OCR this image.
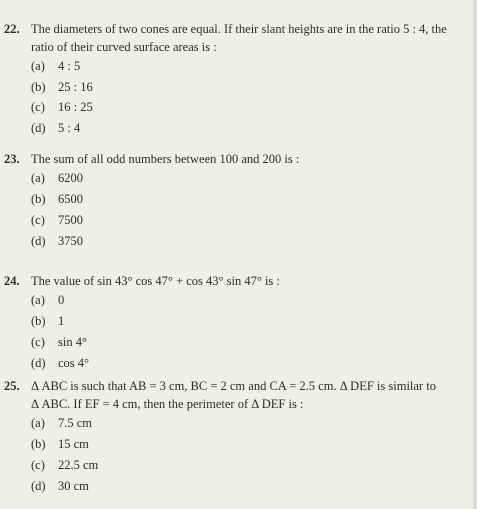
22. The diameters of two cones are equal. If their slant heights are in the ratio 5 : 4, the
ratio of their curved surface areas is :
(a) 4 : 5
(b) 25 : 16
(c) 16 : 25
(d) 5 : 4
23. The sum of all odd numbers between 100 and 200 is :
(a) 6200
(b) 6500
(c) 7500
(d) 3750
24. The value of sin 43° cos 47° + cos 43° sin 47° is :
(a) 0
(b) 1
(c) sin 4°
(d) cos 4°
25. Δ ABC is such that AB = 3 cm, BC = 2 cm and CA = 2.5 cm. Δ DEF is similar to
Δ ABC. If EF = 4 cm, then the perimeter of Δ DEF is :
(a) 7.5 cm
(b) 15 cm
(c) 22.5 cm
(d) 30 cm
